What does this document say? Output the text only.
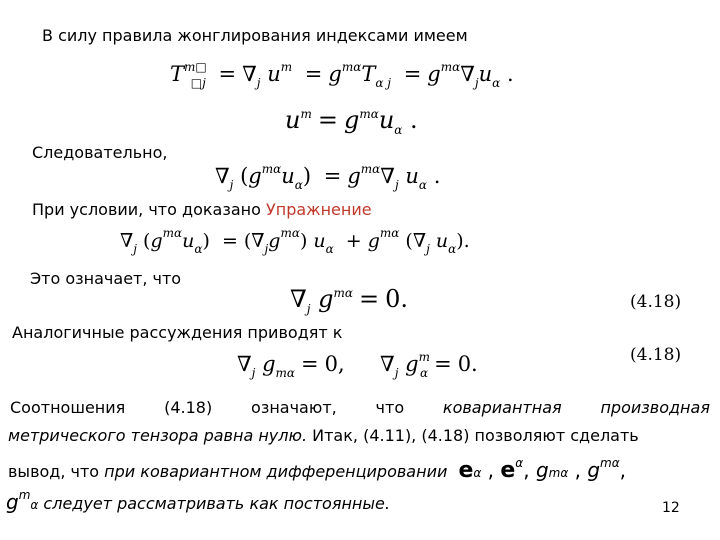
В силу правила жонглирования индексами имеем
$T^{m□}_{□j} = \nabla_j$ $u^m = g^{m\alpha}T_{\alpha j} = g^{m\alpha}\nabla_ju_\alpha$ .
$u^m = g^{m\alpha}u_\alpha$ .
Следовательно,
$\nabla_j$ $(g^{m\alpha}u_\alpha) = g^{m\alpha}\nabla_j$ $u_\alpha$ .
При условии, что доказано Упражнение
$\nabla_j$ $(g^{m\alpha}u_\alpha) = (\nabla_jg^{m\alpha}) u_\alpha + g^{m\alpha}$ ($\nabla_j$ $u_\alpha$).
Это означает, что
$\nabla_j$ $g^{m\alpha} = 0$.	(4.18)
Аналогичные рассуждения приводят к
$\nabla_j$ $g_{m\alpha} = 0$,  $\nabla_j$ $g^m_\alpha = 0$.	(4.18)
Соотношения (4.18) означают, что ковариантная производная
метрического тензора равна нулю. Итак, (4.11), (4.18) позволяют сделать
вывод, что при ковариантном дифференцировании eα , $e^\alpha$, gmα , $g^{m\alpha}$,
$g^m\alpha$ следует рассматривать как постоянные.	12
